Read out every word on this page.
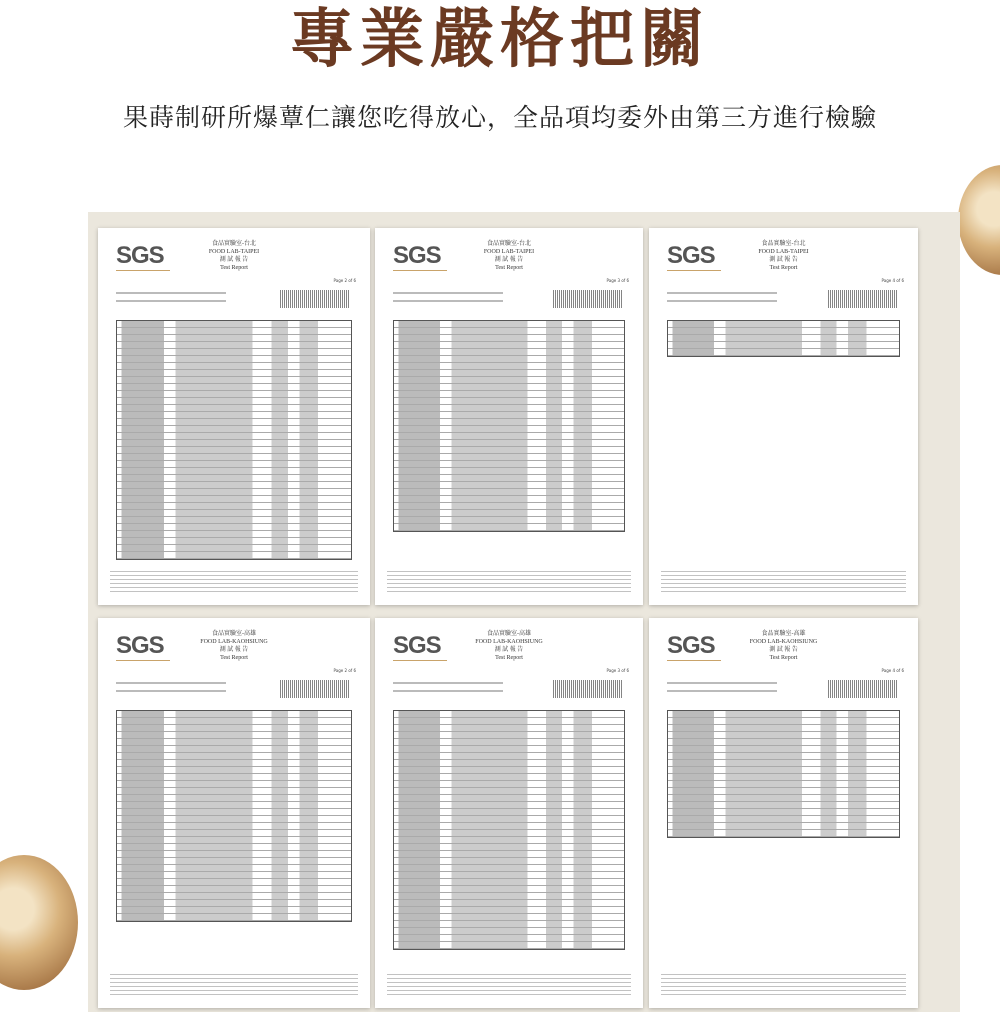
專業嚴格把關
果蒔制研所爆蕈仁讓您吃得放心，全品項均委外由第三方進行檢驗
SGS	食品實驗室-台北
FOOD LAB-TAIPEI
測 試 報 告
Test Report
Page 2 of 6
SGS	食品實驗室-台北
FOOD LAB-TAIPEI
測 試 報 告
Test Report
Page 3 of 6
SGS	食品實驗室-台北
FOOD LAB-TAIPEI
測 試 報 告
Test Report
Page 4 of 6
SGS	食品實驗室-高雄
FOOD LAB-KAOHSIUNG
測 試 報 告
Test Report
Page 2 of 6
SGS	食品實驗室-高雄
FOOD LAB-KAOHSIUNG
測 試 報 告
Test Report
Page 3 of 6
SGS	食品實驗室-高雄
FOOD LAB-KAOHSIUNG
測 試 報 告
Test Report
Page 4 of 6
